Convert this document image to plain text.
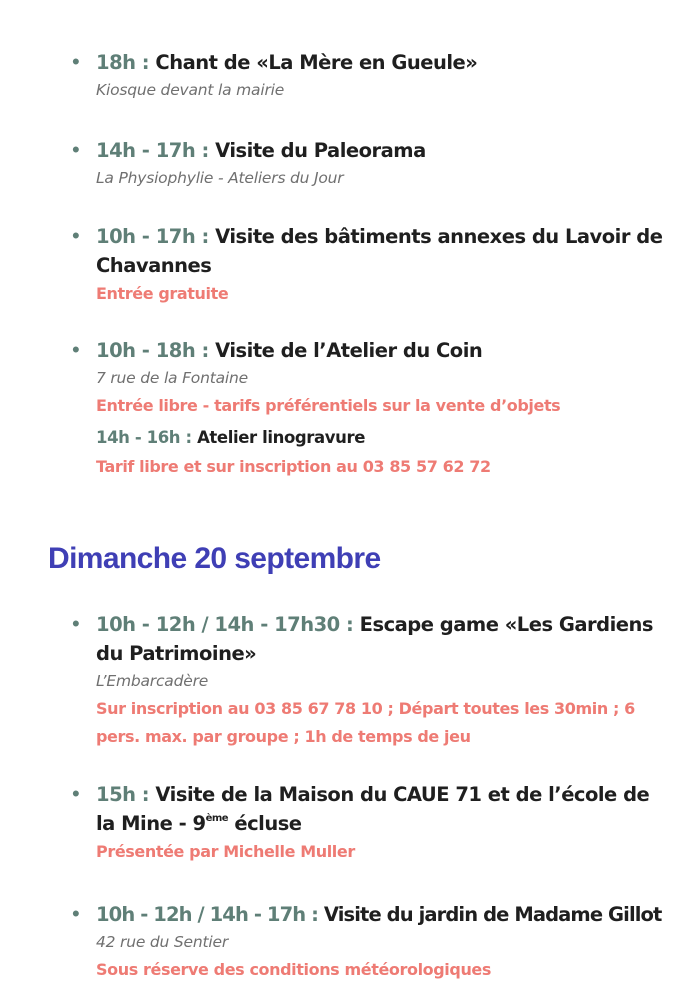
• 18h : Chant de «La Mère en Gueule»
Kiosque devant la mairie
• 14h - 17h : Visite du Paleorama
La Physiophylie - Ateliers du Jour
• 10h - 17h : Visite des bâtiments annexes du Lavoir de Chavannes
Entrée gratuite
• 10h - 18h : Visite de l’Atelier du Coin
7 rue de la Fontaine
Entrée libre - tarifs préférentiels sur la vente d’objets
14h - 16h : Atelier linogravure
Tarif libre et sur inscription au 03 85 57 62 72
Dimanche 20 septembre
• 10h - 12h / 14h - 17h30 : Escape game «Les Gardiens du Patrimoine»
L’Embarcadère
Sur inscription au 03 85 67 78 10 ; Départ toutes les 30min ; 6 pers. max. par groupe ; 1h de temps de jeu
• 15h : Visite de la Maison du CAUE 71 et de l’école de la Mine - 9ème écluse
Présentée par Michelle Muller
• 10h - 12h / 14h - 17h : Visite du jardin de Madame Gillot
42 rue du Sentier
Sous réserve des conditions météorologiques
